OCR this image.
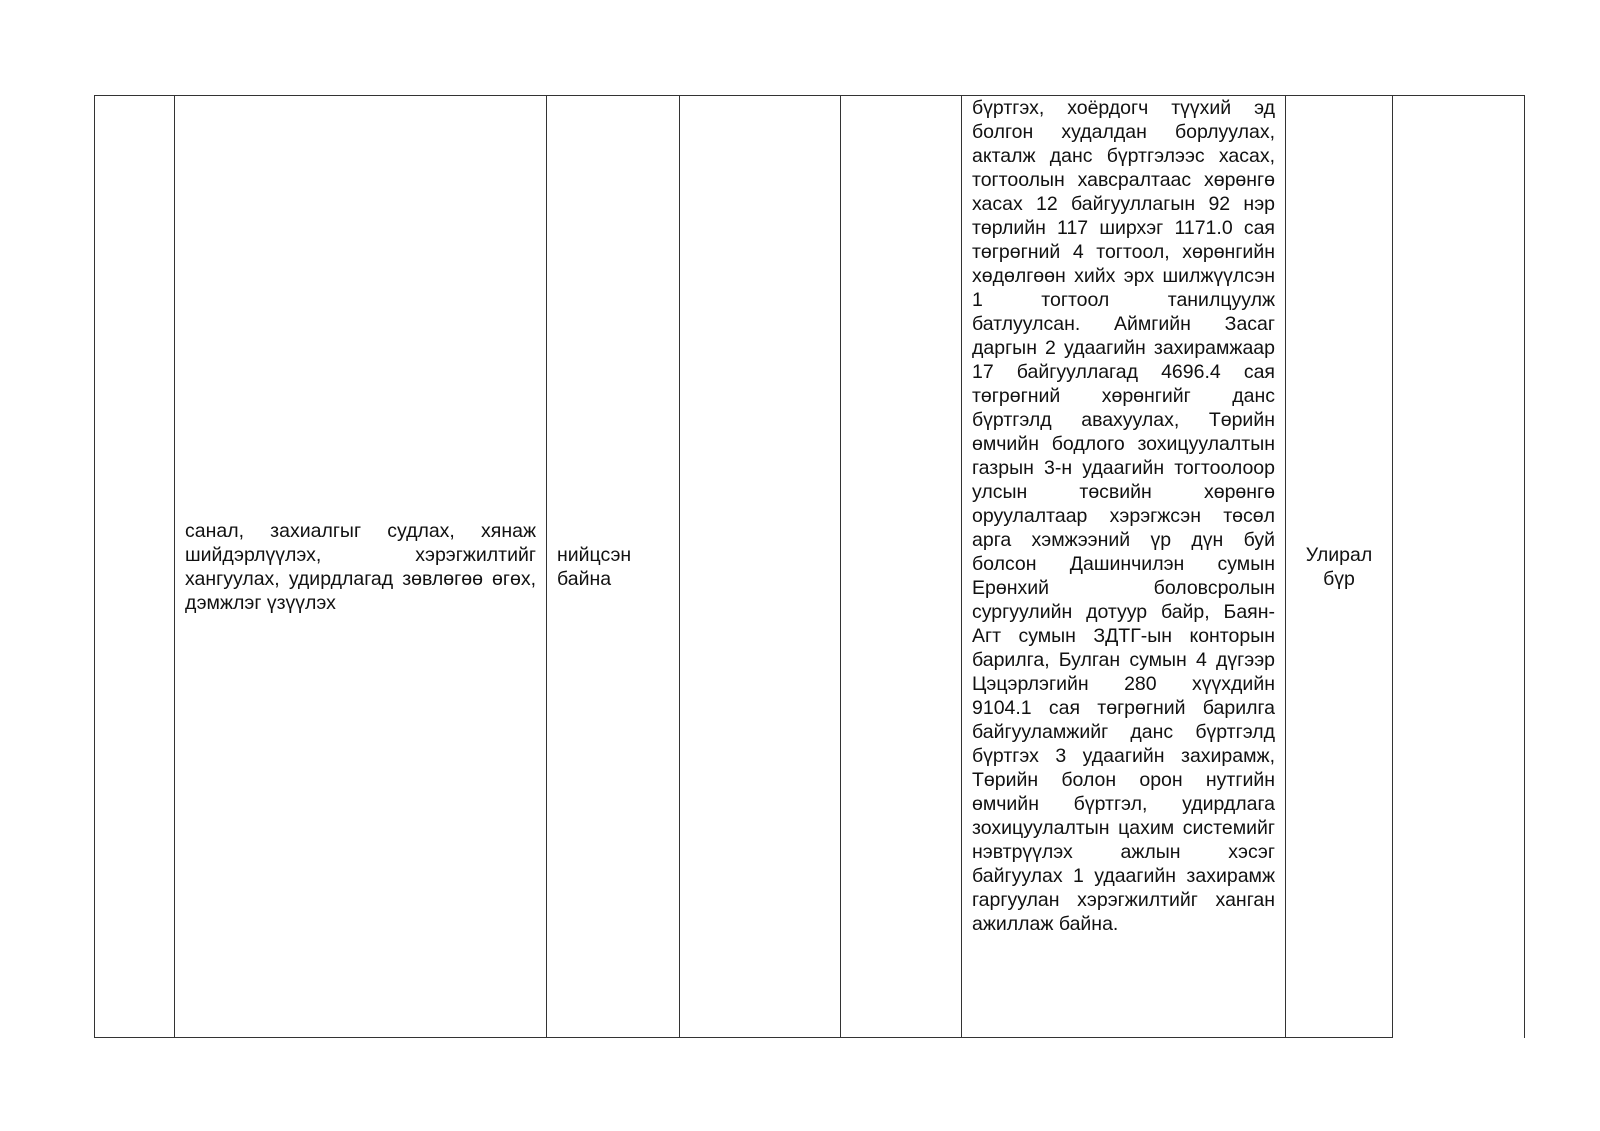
	санал, захиалгыг судлах, хянаж шийдэрлүүлэх, хэрэгжилтийг хангуулах, удирдлагад зөвлөгөө өгөх, дэмжлэг үзүүлэх	нийцсэн байна			бүртгэх, хоёрдогч түүхий эд болгон худалдан борлуулах, акталж данс бүртгэлээс хасах, тогтоолын хавсралтаас хөрөнгө хасах 12 байгууллагын 92 нэр төрлийн 117 ширхэг 1171.0 сая төгрөгний 4 тогтоол, хөрөнгийн хөдөлгөөн хийх эрх шилжүүлсэн 1 тогтоол танилцуулж батлуулсан. Аймгийн Засаг даргын 2 удаагийн захирамжаар 17 байгууллагад 4696.4 сая төгрөгний хөрөнгийг данс бүртгэлд авахуулах, Төрийн өмчийн бодлого зохицуулалтын газрын 3-н удаагийн тогтоолоор улсын төсвийн хөрөнгө оруулалтаар хэрэгжсэн төсөл арга хэмжээний үр дүн буй болсон Дашинчилэн сумын Ерөнхий боловсролын сургуулийн дотуур байр, Баян-Агт сумын ЗДТГ-ын конторын барилга, Булган сумын 4 дүгээр Цэцэрлэгийн 280 хүүхдийн 9104.1 сая төгрөгний барилга байгууламжийг данс бүртгэлд бүртгэх 3 удаагийн захирамж, Төрийн болон орон нутгийн өмчийн бүртгэл, удирдлага зохицуулалтын цахим системийг нэвтрүүлэх ажлын хэсэг байгуулах 1 удаагийн захирамж гаргуулан хэрэгжилтийг ханган ажиллаж байна.	Улирал бүр	
